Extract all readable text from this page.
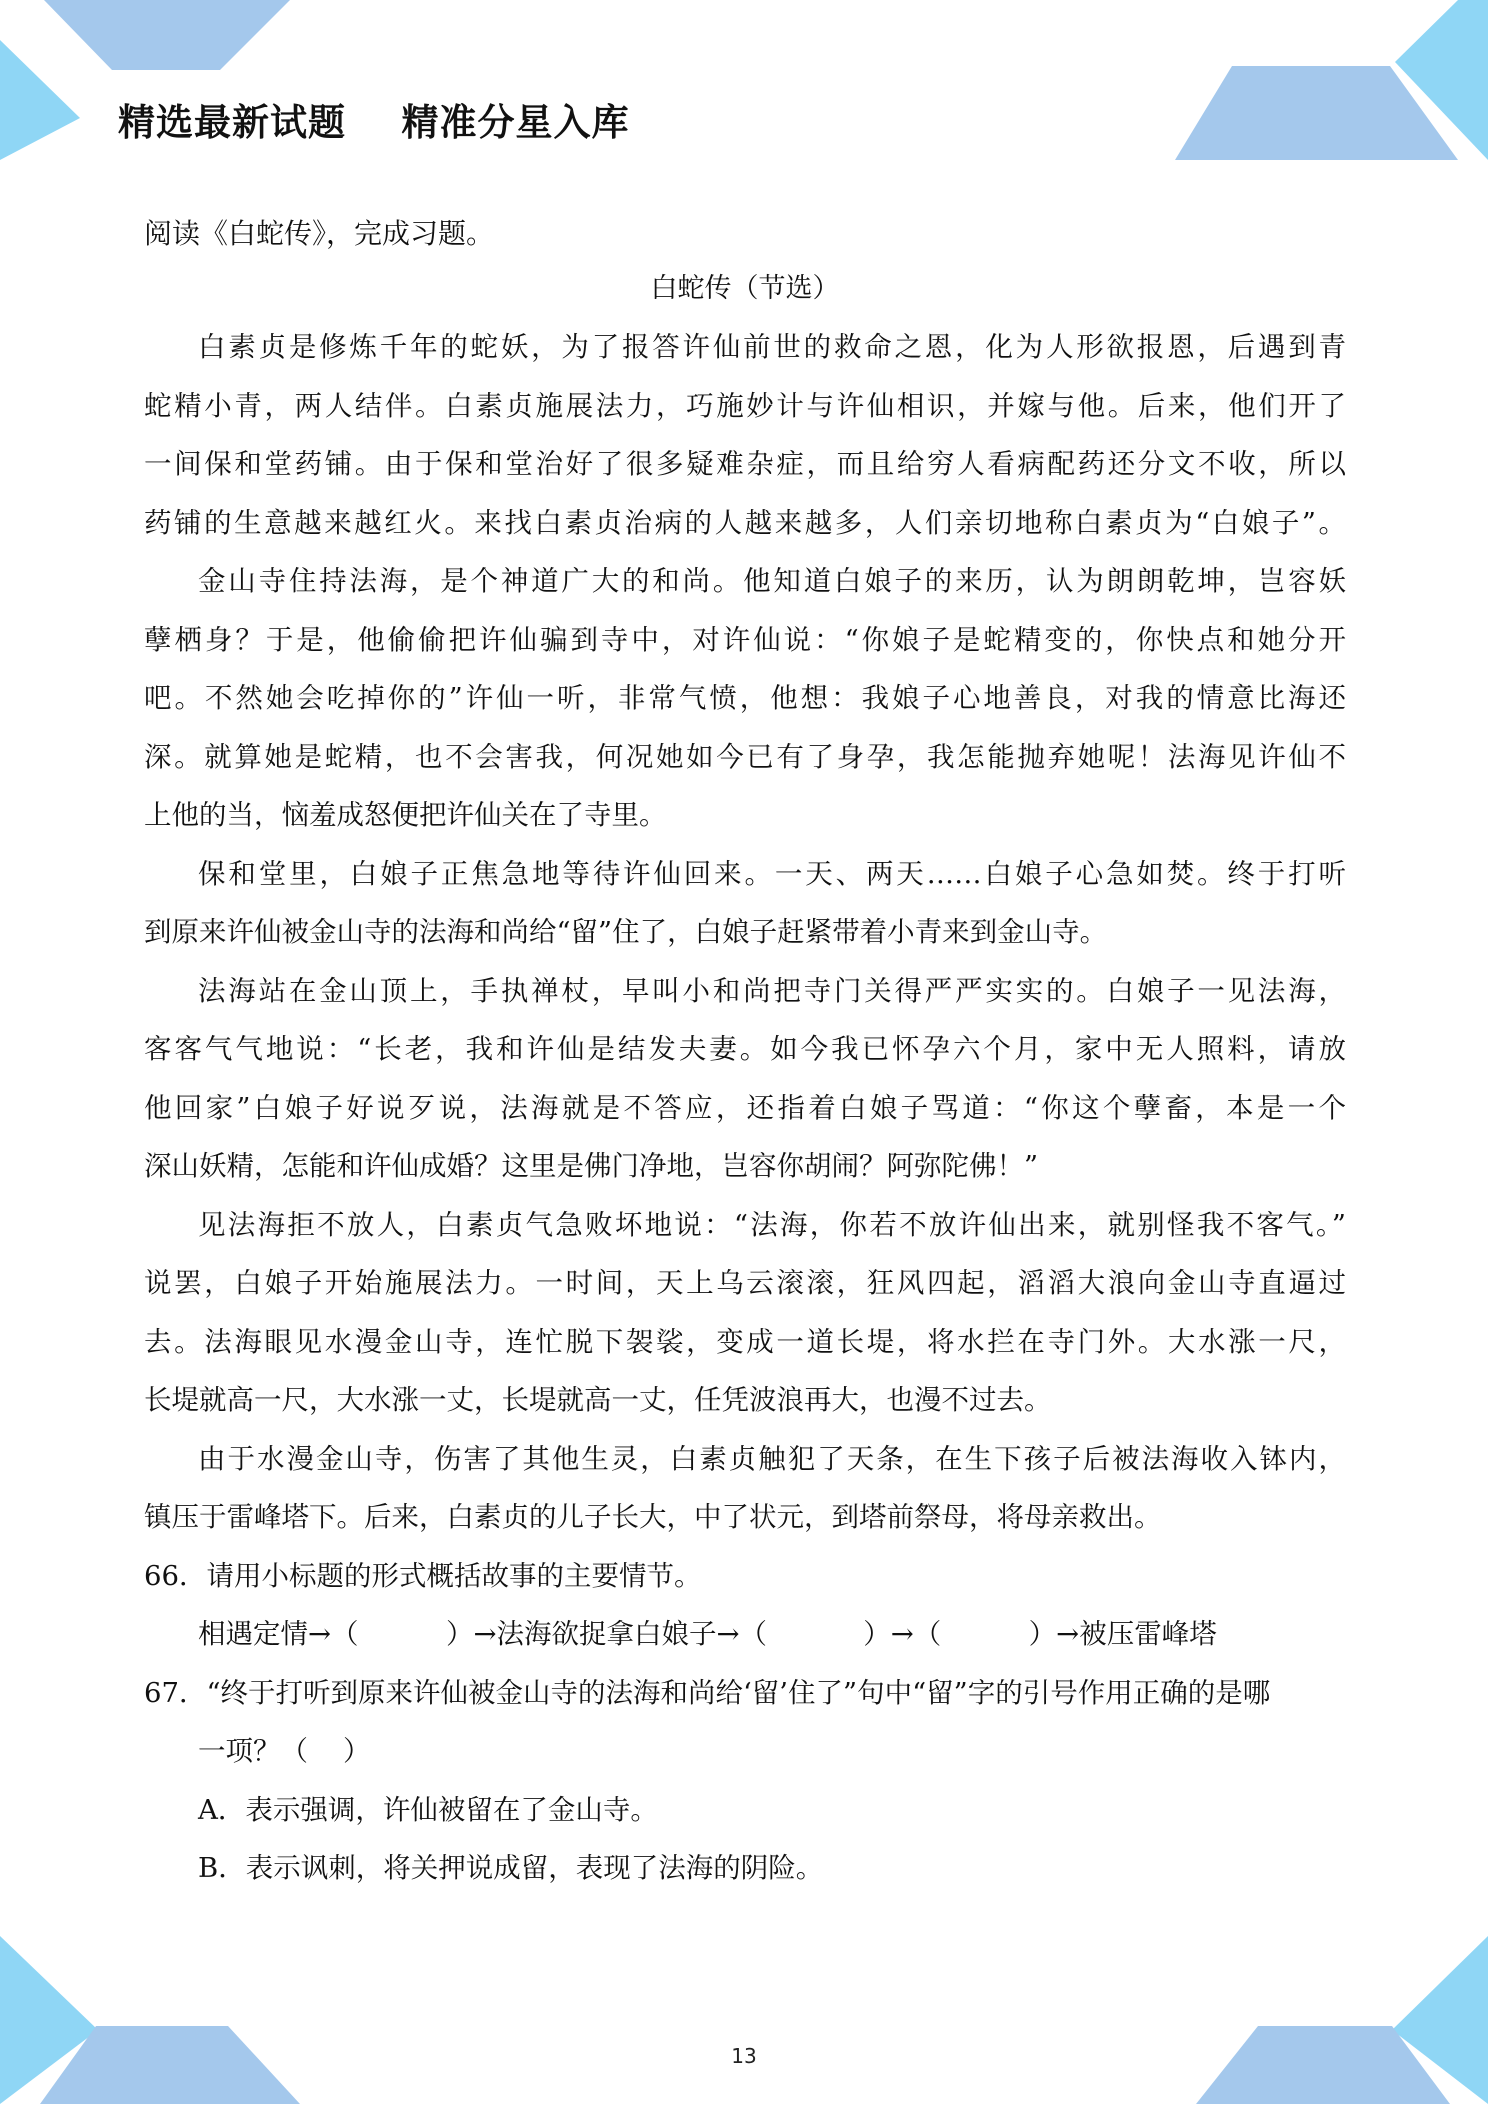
精选最新试题    精准分星入库
阅读《白蛇传》，完成习题。
白蛇传（节选）
白素贞是修炼千年的蛇妖，为了报答许仙前世的救命之恩，化为人形欲报恩，后遇到青
蛇精小青，两人结伴。白素贞施展法力，巧施妙计与许仙相识，并嫁与他。后来，他们开了
一间保和堂药铺。由于保和堂治好了很多疑难杂症，而且给穷人看病配药还分文不收，所以
药铺的生意越来越红火。来找白素贞治病的人越来越多，人们亲切地称白素贞为“白娘子”。
金山寺住持法海，是个神道广大的和尚。他知道白娘子的来历，认为朗朗乾坤，岂容妖
孽栖身？于是，他偷偷把许仙骗到寺中，对许仙说：“你娘子是蛇精变的，你快点和她分开
吧。不然她会吃掉你的”许仙一听，非常气愤，他想：我娘子心地善良，对我的情意比海还
深。就算她是蛇精，也不会害我，何况她如今已有了身孕，我怎能抛弃她呢！法海见许仙不
上他的当，恼羞成怒便把许仙关在了寺里。
保和堂里，白娘子正焦急地等待许仙回来。一天、两天……白娘子心急如焚。终于打听
到原来许仙被金山寺的法海和尚给“留”住了，白娘子赶紧带着小青来到金山寺。
法海站在金山顶上，手执禅杖，早叫小和尚把寺门关得严严实实的。白娘子一见法海，
客客气气地说：“长老，我和许仙是结发夫妻。如今我已怀孕六个月，家中无人照料，请放
他回家”白娘子好说歹说，法海就是不答应，还指着白娘子骂道：“你这个孽畜，本是一个
深山妖精，怎能和许仙成婚？这里是佛门净地，岂容你胡闹？阿弥陀佛！”
见法海拒不放人，白素贞气急败坏地说：“法海，你若不放许仙出来，就别怪我不客气。”
说罢，白娘子开始施展法力。一时间，天上乌云滚滚，狂风四起，滔滔大浪向金山寺直逼过
去。法海眼见水漫金山寺，连忙脱下袈裟，变成一道长堤，将水拦在寺门外。大水涨一尺，
长堤就高一尺，大水涨一丈，长堤就高一丈，任凭波浪再大，也漫不过去。
由于水漫金山寺，伤害了其他生灵，白素贞触犯了天条，在生下孩子后被法海收入钵内，
镇压于雷峰塔下。后来，白素贞的儿子长大，中了状元，到塔前祭母，将母亲救出。
66．请用小标题的形式概括故事的主要情节。
相遇定情→（          ）→法海欲捉拿白娘子→（           ）→（          ）→被压雷峰塔
67．“终于打听到原来许仙被金山寺的法海和尚给‘留’住了”句中“留”字的引号作用正确的是哪
一项？（    ）
A．表示强调，许仙被留在了金山寺。
B．表示讽刺，将关押说成留，表现了法海的阴险。
13
